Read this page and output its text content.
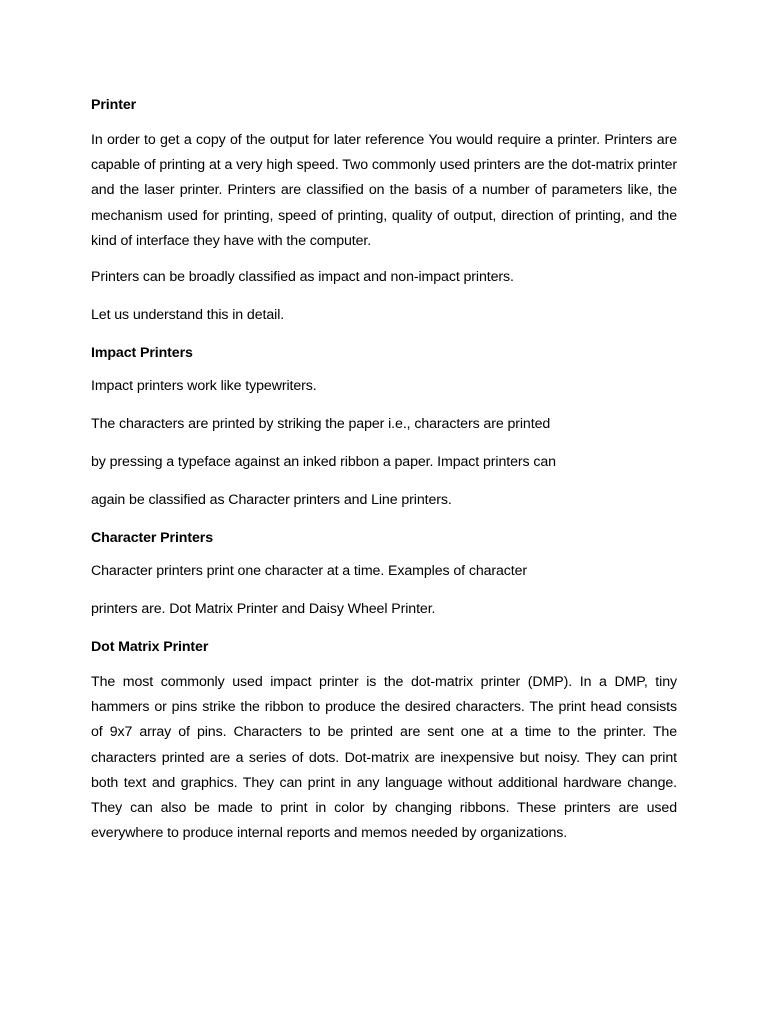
Printer
In order to get a copy of the output for later reference You would require a printer. Printers are capable of printing at a very high speed. Two commonly used printers are the dot-matrix printer and the laser printer. Printers are classified on the basis of a number of parameters like, the mechanism used for printing, speed of printing, quality of output, direction of printing, and the kind of interface they have with the computer.
Printers can be broadly classified as impact and non-impact printers.
Let us understand this in detail.
Impact Printers
Impact printers work like typewriters.
The characters are printed by striking the paper i.e., characters are printed
by pressing a typeface against an inked ribbon a paper. Impact printers can
again be classified as Character printers and Line printers.
Character Printers
Character printers print one character at a time. Examples of character
printers are. Dot Matrix Printer and Daisy Wheel Printer.
Dot Matrix Printer
The most commonly used impact printer is the dot-matrix printer (DMP). In a DMP, tiny hammers or pins strike the ribbon to produce the desired characters. The print head consists of 9x7 array of pins. Characters to be printed are sent one at a time to the printer. The characters printed are a series of dots. Dot-matrix are inexpensive but noisy. They can print both text and graphics. They can print in any language without additional hardware change. They can also be made to print in color by changing ribbons. These printers are used everywhere to produce internal reports and memos needed by organizations.
